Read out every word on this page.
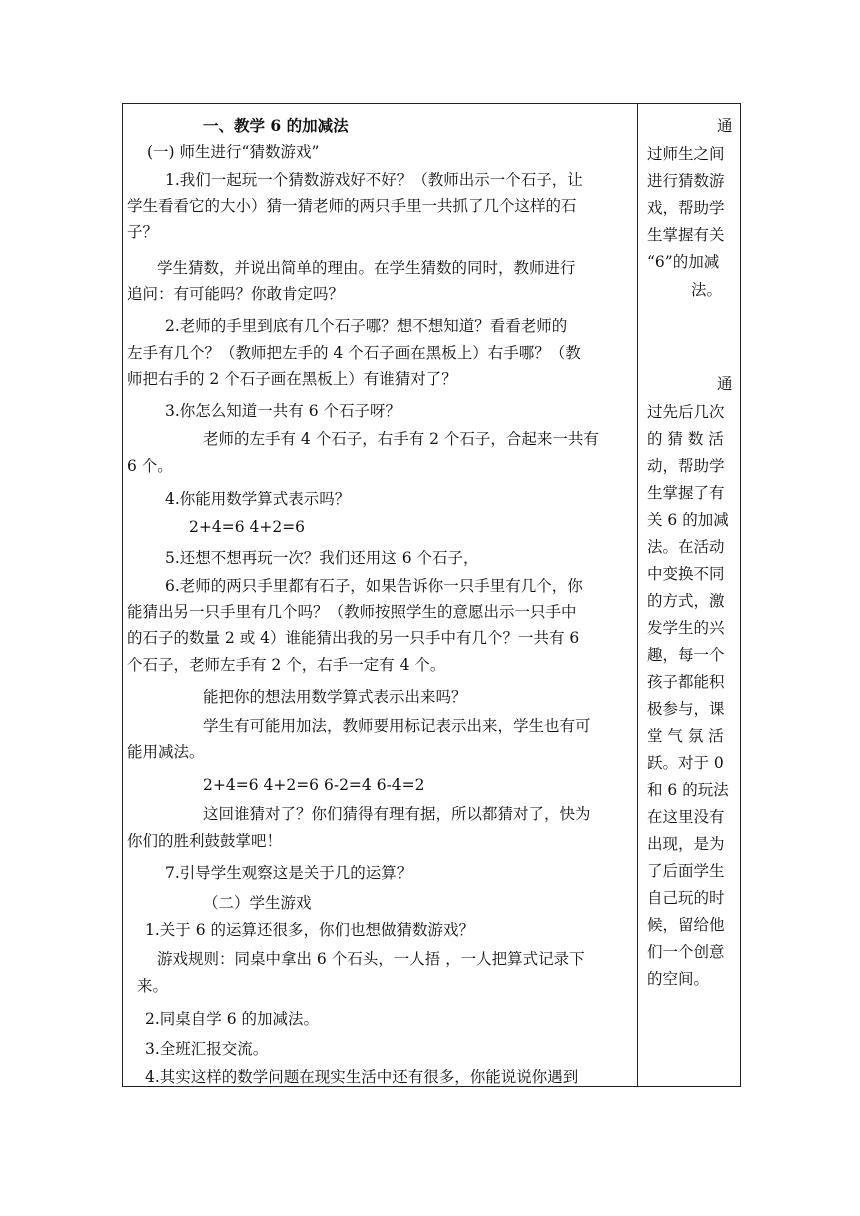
一、教学 6 的加减法
(一) 师生进行“猜数游戏”
1.我们一起玩一个猜数游戏好不好？（教师出示一个石子，让
学生看看它的大小）猜一猜老师的两只手里一共抓了几个这样的石
子？
学生猜数，并说出简单的理由。在学生猜数的同时，教师进行
追问：有可能吗？你敢肯定吗？
2.老师的手里到底有几个石子哪？想不想知道？看看老师的
左手有几个？（教师把左手的 4 个石子画在黑板上）右手哪？（教
师把右手的 2 个石子画在黑板上）有谁猜对了？
3.你怎么知道一共有 6 个石子呀？
老师的左手有 4 个石子，右手有 2 个石子，合起来一共有
6 个。
4.你能用数学算式表示吗？
2+4=6 4+2=6
5.还想不想再玩一次？我们还用这 6 个石子，
6.老师的两只手里都有石子，如果告诉你一只手里有几个，你
能猜出另一只手里有几个吗？（教师按照学生的意愿出示一只手中
的石子的数量 2 或 4）谁能猜出我的另一只手中有几个？一共有 6
个石子，老师左手有 2 个，右手一定有 4 个。
能把你的想法用数学算式表示出来吗？
学生有可能用加法，教师要用标记表示出来，学生也有可
能用减法。
2+4=6 4+2=6 6-2=4 6-4=2
这回谁猜对了？你们猜得有理有据，所以都猜对了，快为
你们的胜利鼓鼓掌吧！
7.引导学生观察这是关于几的运算？
（二）学生游戏
1.关于 6 的运算还很多，你们也想做猜数游戏？
游戏规则：同桌中拿出 6 个石头，一人捂 ，一人把算式记录下
来。
2.同桌自学 6 的加减法。
3.全班汇报交流。
4.其实这样的数学问题在现实生活中还有很多，你能说说你遇到
通
过师生之间
进行猜数游
戏，帮助学
生掌握有关
“6”的加减
法。
通
过先后几次
的 猜 数 活
动，帮助学
生掌握了有
关 6 的加减
法。在活动
中变换不同
的方式，激
发学生的兴
趣，每一个
孩子都能积
极参与，课
堂 气 氛 活
跃。对于 0
和 6 的玩法
在这里没有
出现，是为
了后面学生
自己玩的时
候，留给他
们一个创意
的空间。
